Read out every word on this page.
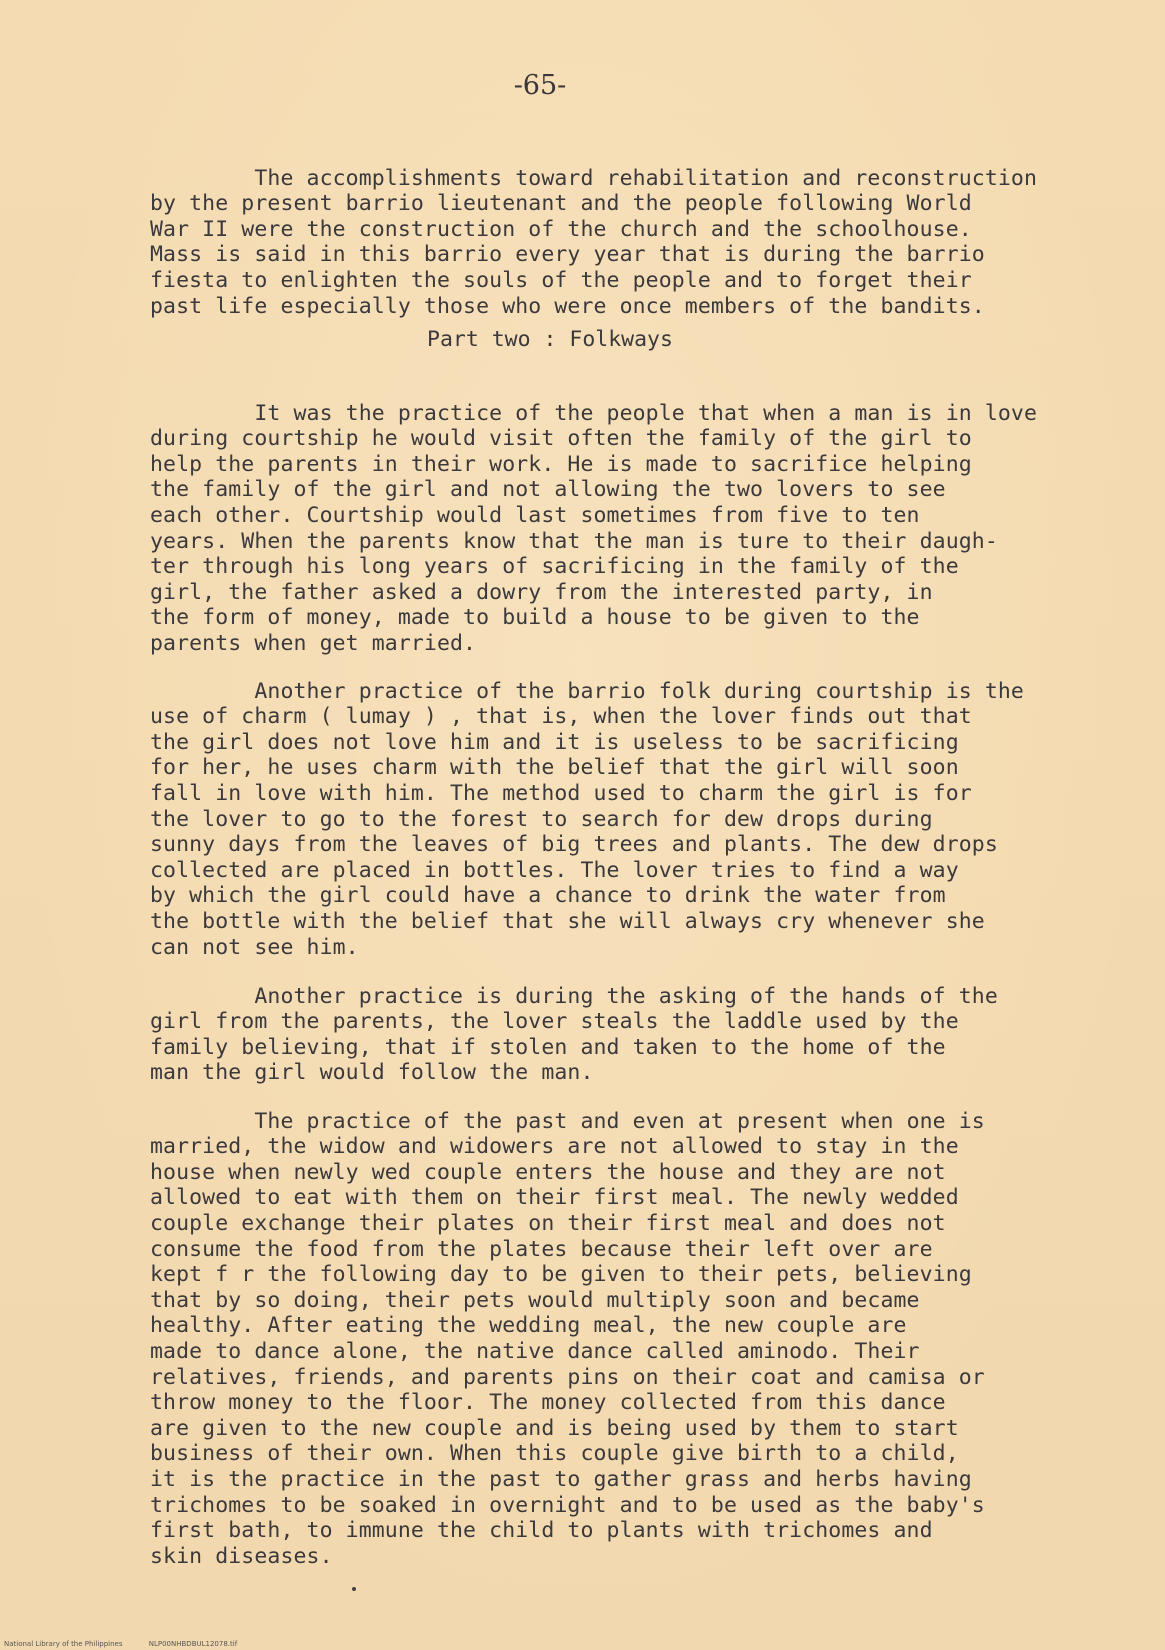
-65-

The accomplishments toward rehabilitation and reconstruction
by the present barrio lieutenant and the people following World
War II were the construction of the church and the schoolhouse.
Mass is said in this barrio every year that is during the barrio
fiesta to enlighten the souls of the people and to forget their
past life especially those who were once members of the bandits.

Part two : Folkways

It was the practice of the people that when a man is in love
during courtship he would visit often the family of the girl to
help the parents in their work. He is made to sacrifice helping
the family of the girl and not allowing the two lovers to see
each other. Courtship would last sometimes from five to ten
years. When the parents know that the man is ture to their daugh-
ter through his long years of sacrificing in the family of the
girl, the father asked a dowry from the interested party, in
the form of money, made to build a house to be given to the
parents when get married.

Another practice of the barrio folk during courtship is the
use of charm ( lumay ) , that is, when the lover finds out that
the girl does not love him and it is useless to be sacrificing
for her, he uses charm with the belief that the girl will soon
fall in love with him. The method used to charm the girl is for
the lover to go to the forest to search for dew drops during
sunny days from the leaves of big trees and plants. The dew drops
collected are placed in bottles. The lover tries to find a way
by which the girl could have a chance to drink the water from
the bottle with the belief that she will always cry whenever she
can not see him.

Another practice is during the asking of the hands of the
girl from the parents, the lover steals the laddle used by the
family believing, that if stolen and taken to the home of the
man the girl would follow the man.

The practice of the past and even at present when one is
married, the widow and widowers are not allowed to stay in the
house when newly wed couple enters the house and they are not
allowed to eat with them on their first meal. The newly wedded
couple exchange their plates on their first meal and does not
consume the food from the plates because their left over are
kept f r the following day to be given to their pets, believing
that by so doing, their pets would multiply soon and became
healthy. After eating the wedding meal, the new couple are
made to dance alone, the native dance called aminodo. Their
relatives, friends, and parents pins on their coat and camisa or
throw money to the floor. The money collected from this dance
are given to the new couple and is being used by them to start
business of their own. When this couple give birth to a child,
it is the practice in the past to gather grass and herbs having
trichomes to be soaked in overnight and to be used as the baby's
first bath, to immune the child to plants with trichomes and
skin diseases.

National Library of the Philippines	NLP00NHBDBUL12078.tif
